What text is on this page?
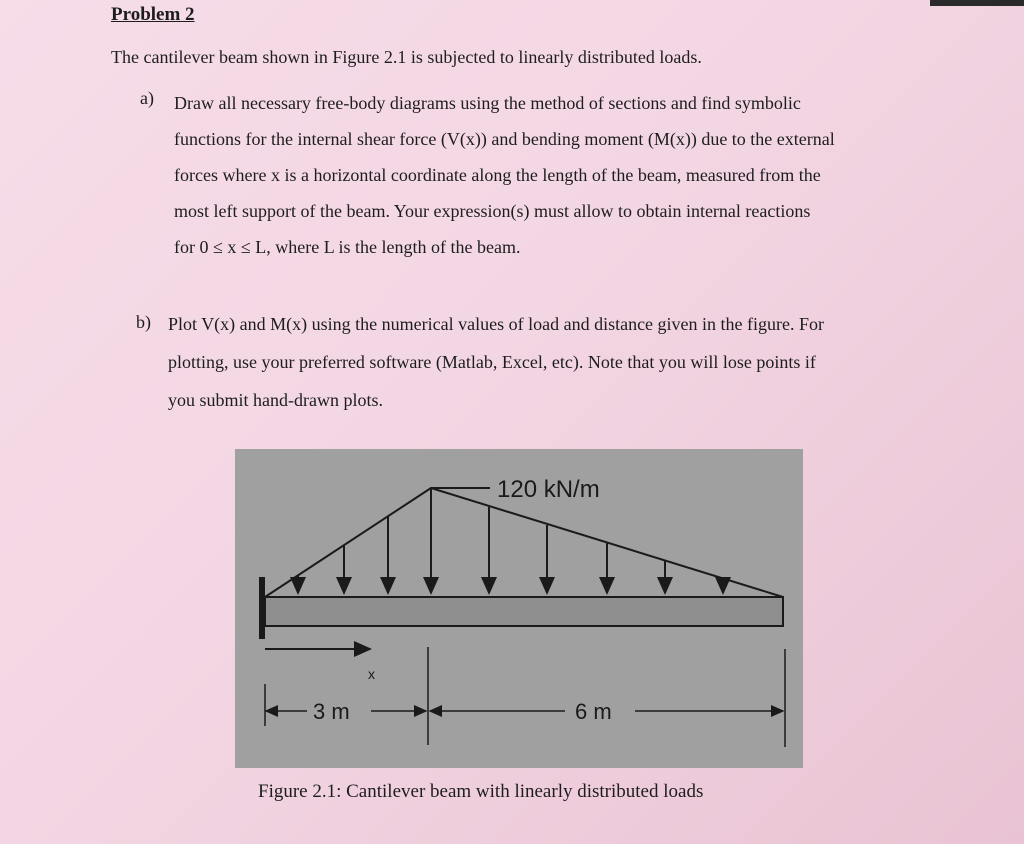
Problem 2
The cantilever beam shown in Figure 2.1 is subjected to linearly distributed loads.
a) Draw all necessary free-body diagrams using the method of sections and find symbolic
functions for the internal shear force (V(x)) and bending moment (M(x)) due to the external
forces where x is a horizontal coordinate along the length of the beam, measured from the
most left support of the beam. Your expression(s) must allow to obtain internal reactions
for 0 ≤ x ≤ L, where L is the length of the beam.
b) Plot V(x) and M(x) using the numerical values of load and distance given in the figure. For
plotting, use your preferred software (Matlab, Excel, etc). Note that you will lose points if
you submit hand-drawn plots.
120 kN/m
x
3 m	6 m
Figure 2.1: Cantilever beam with linearly distributed loads
